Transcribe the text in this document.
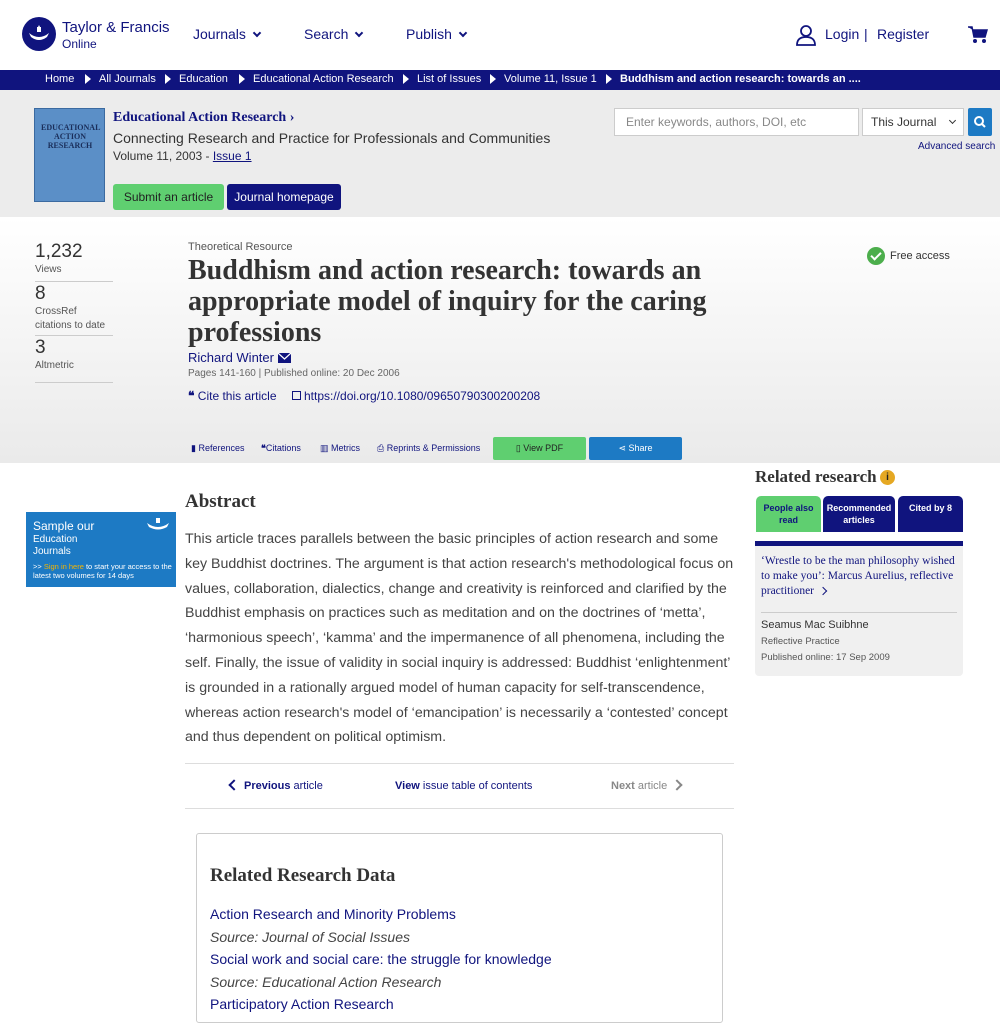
Taylor & Francis
Online
Journals	Search	Publish	Login | Register
Home All Journals Education Educational Action Research List of Issues Volume 11, Issue 1 Buddhism and action research: towards an ....
EDUCATIONAL ACTION RESEARCH
Educational Action Research ›
Connecting Research and Practice for Professionals and Communities
Volume 11, 2003 - Issue 1
Submit an article	Journal homepage
Enter keywords, authors, DOI, etc	This Journal
Advanced search
1,232
Views
8
CrossRef citations to date
3
Altmetric
Theoretical Resource
Buddhism and action research: towards an appropriate model of inquiry for the caring professions
Richard Winter
Pages 141-160 | Published online: 20 Dec 2006
❝ Cite this article	https://doi.org/10.1080/09650790300200208
Free access
▮ References ❝Citations ▥ Metrics ⎙ Reprints & Permissions	▯ View PDF	⋖ Share
Abstract

This article traces parallels between the basic principles of action research and some key Buddhist doctrines. The argument is that action research's methodological focus on values, collaboration, dialectics, change and creativity is reinforced and clarified by the Buddhist emphasis on practices such as meditation and on the doctrines of ‘metta’, ‘harmonious speech’, ‘kamma’ and the impermanence of all phenomena, including the self. Finally, the issue of validity in social inquiry is addressed: Buddhist ‘enlightenment’ is grounded in a rationally argued model of human capacity for self-transcendence, whereas action research's model of ‘emancipation’ is necessarily a ‘contested’ concept and thus dependent on political optimism.

Sample our
Education
Journals
>> Sign in here to start your access to the latest two volumes for 14 days
Previous article	View issue table of contents	Next article
Related Research Data
Action Research and Minority Problems
Source: Journal of Social Issues
Social work and social care: the struggle for knowledge
Source: Educational Action Research
Participatory Action Research
Related research i
People also read
Recommended articles
Cited by 8
‘Wrestle to be the man philosophy wished to make you’: Marcus Aurelius, reflective practitioner
Seamus Mac Suibhne
Reflective Practice
Published online: 17 Sep 2009
